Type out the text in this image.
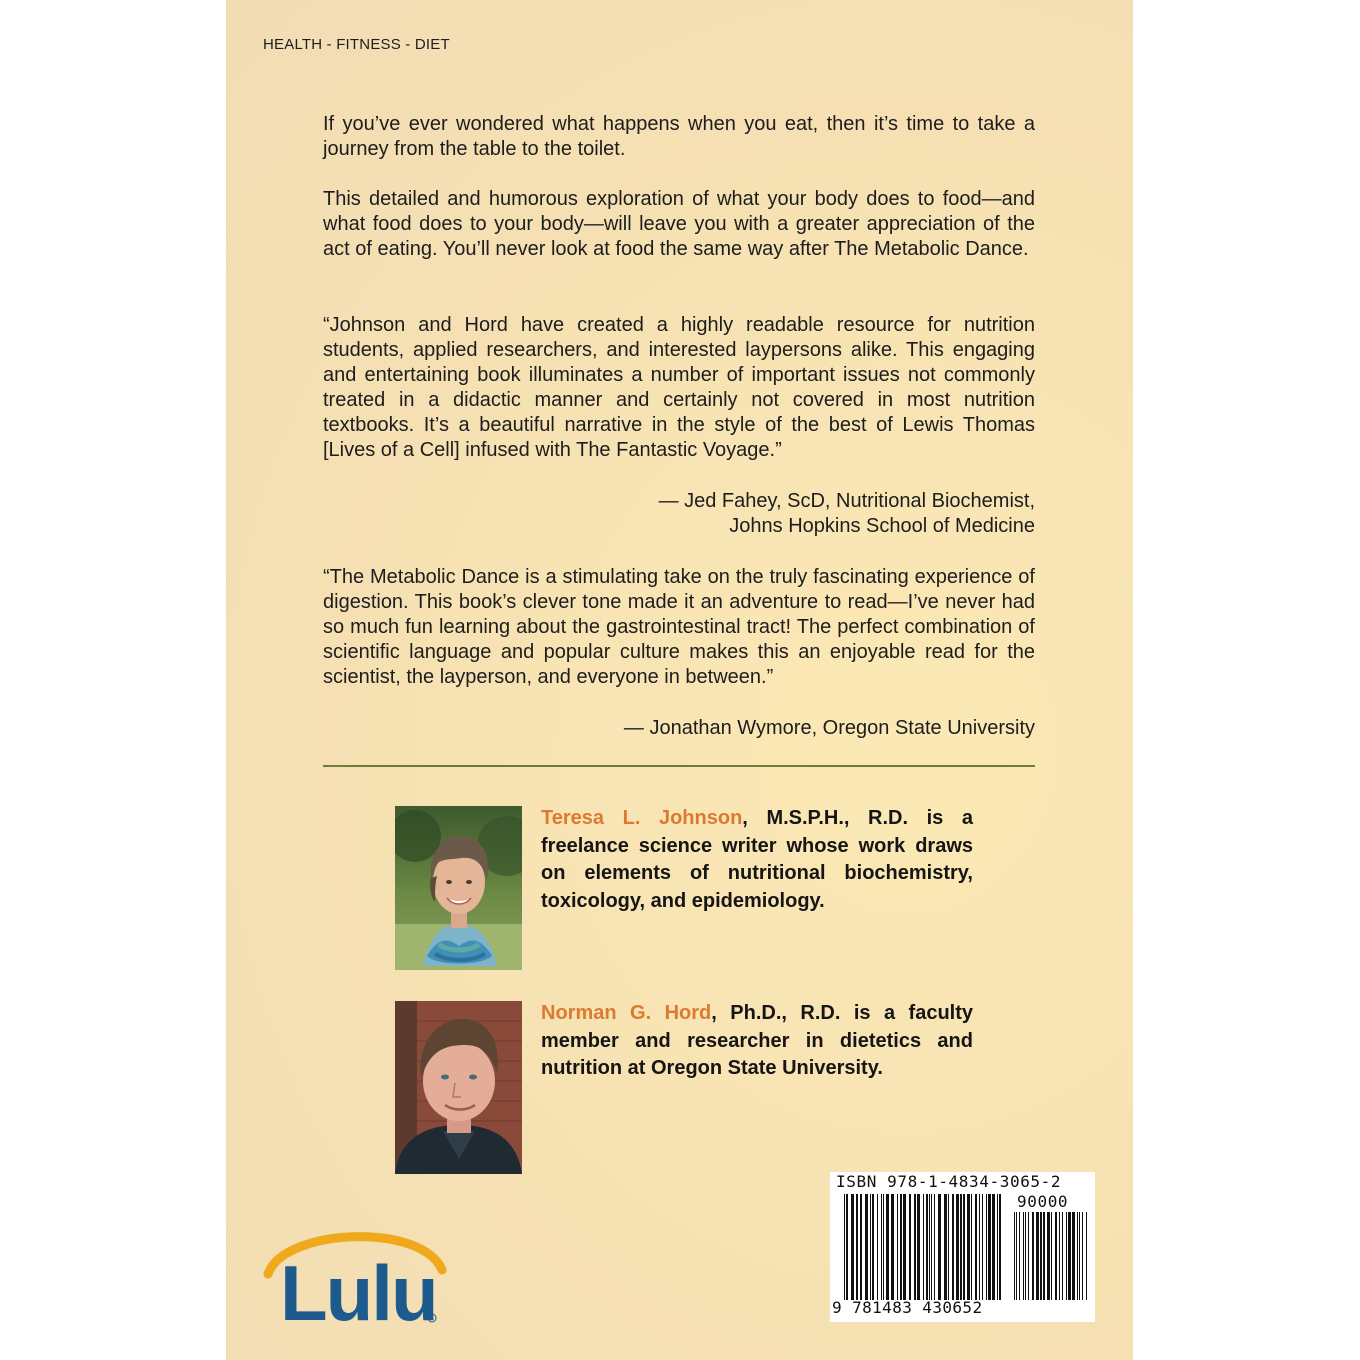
HEALTH - FITNESS - DIET

If you’ve ever wondered what happens when you eat, then it’s time to take a journey from the table to the toilet.

This detailed and humorous exploration of what your body does to food—and what food does to your body—will leave you with a greater appreciation of the act of eating. You’ll never look at food the same way after The Metabolic Dance.

“Johnson and Hord have created a highly readable resource for nutrition students, applied researchers, and interested laypersons alike. This engaging and entertaining book illuminates a number of important issues not commonly treated in a didactic manner and certainly not covered in most nutrition textbooks. It’s a beautiful narrative in the style of the best of Lewis Thomas [Lives of a Cell] infused with The Fantastic Voyage.”

— Jed Fahey, ScD, Nutritional Biochemist,
Johns Hopkins School of Medicine

“The Metabolic Dance is a stimulating take on the truly fascinating experience of digestion. This book’s clever tone made it an adventure to read—I’ve never had so much fun learning about the gastrointestinal tract! The perfect combination of scientific language and popular culture makes this an enjoyable read for the scientist, the layperson, and everyone in between.”

— Jonathan Wymore, Oregon State University
Teresa L. Johnson, M.S.P.H., R.D. is a freelance science writer whose work draws on elements of nutritional biochemistry, toxicology, and epidemiology.
Norman G. Hord, Ph.D., R.D. is a faculty member and researcher in dietetics and nutrition at Oregon State University.
Lulu
ISBN 978-1-4834-3065-2
90000
9 781483 430652
